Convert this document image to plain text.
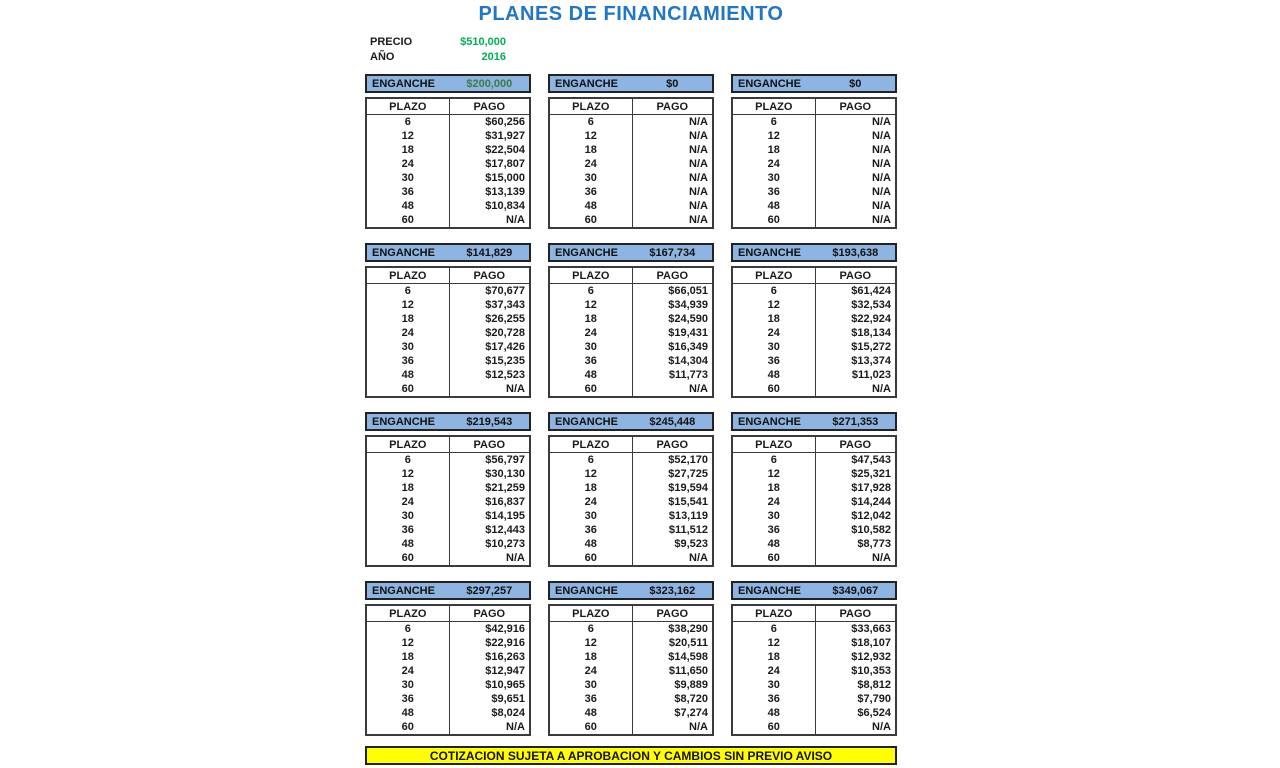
PLANES DE FINANCIAMIENTO
PRECIO	$510,000
AÑO	2016
ENGANCHE	$200,000
PLAZO	PAGO
6	$60,256
12	$31,927
18	$22,504
24	$17,807
30	$15,000
36	$13,139
48	$10,834
60	N/A
ENGANCHE	$0
PLAZO	PAGO
6	N/A
12	N/A
18	N/A
24	N/A
30	N/A
36	N/A
48	N/A
60	N/A
ENGANCHE	$0
PLAZO	PAGO
6	N/A
12	N/A
18	N/A
24	N/A
30	N/A
36	N/A
48	N/A
60	N/A
ENGANCHE	$141,829
PLAZO	PAGO
6	$70,677
12	$37,343
18	$26,255
24	$20,728
30	$17,426
36	$15,235
48	$12,523
60	N/A
ENGANCHE	$167,734
PLAZO	PAGO
6	$66,051
12	$34,939
18	$24,590
24	$19,431
30	$16,349
36	$14,304
48	$11,773
60	N/A
ENGANCHE	$193,638
PLAZO	PAGO
6	$61,424
12	$32,534
18	$22,924
24	$18,134
30	$15,272
36	$13,374
48	$11,023
60	N/A
ENGANCHE	$219,543
PLAZO	PAGO
6	$56,797
12	$30,130
18	$21,259
24	$16,837
30	$14,195
36	$12,443
48	$10,273
60	N/A
ENGANCHE	$245,448
PLAZO	PAGO
6	$52,170
12	$27,725
18	$19,594
24	$15,541
30	$13,119
36	$11,512
48	$9,523
60	N/A
ENGANCHE	$271,353
PLAZO	PAGO
6	$47,543
12	$25,321
18	$17,928
24	$14,244
30	$12,042
36	$10,582
48	$8,773
60	N/A
ENGANCHE	$297,257
PLAZO	PAGO
6	$42,916
12	$22,916
18	$16,263
24	$12,947
30	$10,965
36	$9,651
48	$8,024
60	N/A
ENGANCHE	$323,162
PLAZO	PAGO
6	$38,290
12	$20,511
18	$14,598
24	$11,650
30	$9,889
36	$8,720
48	$7,274
60	N/A
ENGANCHE	$349,067
PLAZO	PAGO
6	$33,663
12	$18,107
18	$12,932
24	$10,353
30	$8,812
36	$7,790
48	$6,524
60	N/A
COTIZACION SUJETA A APROBACION Y CAMBIOS SIN PREVIO AVISO
